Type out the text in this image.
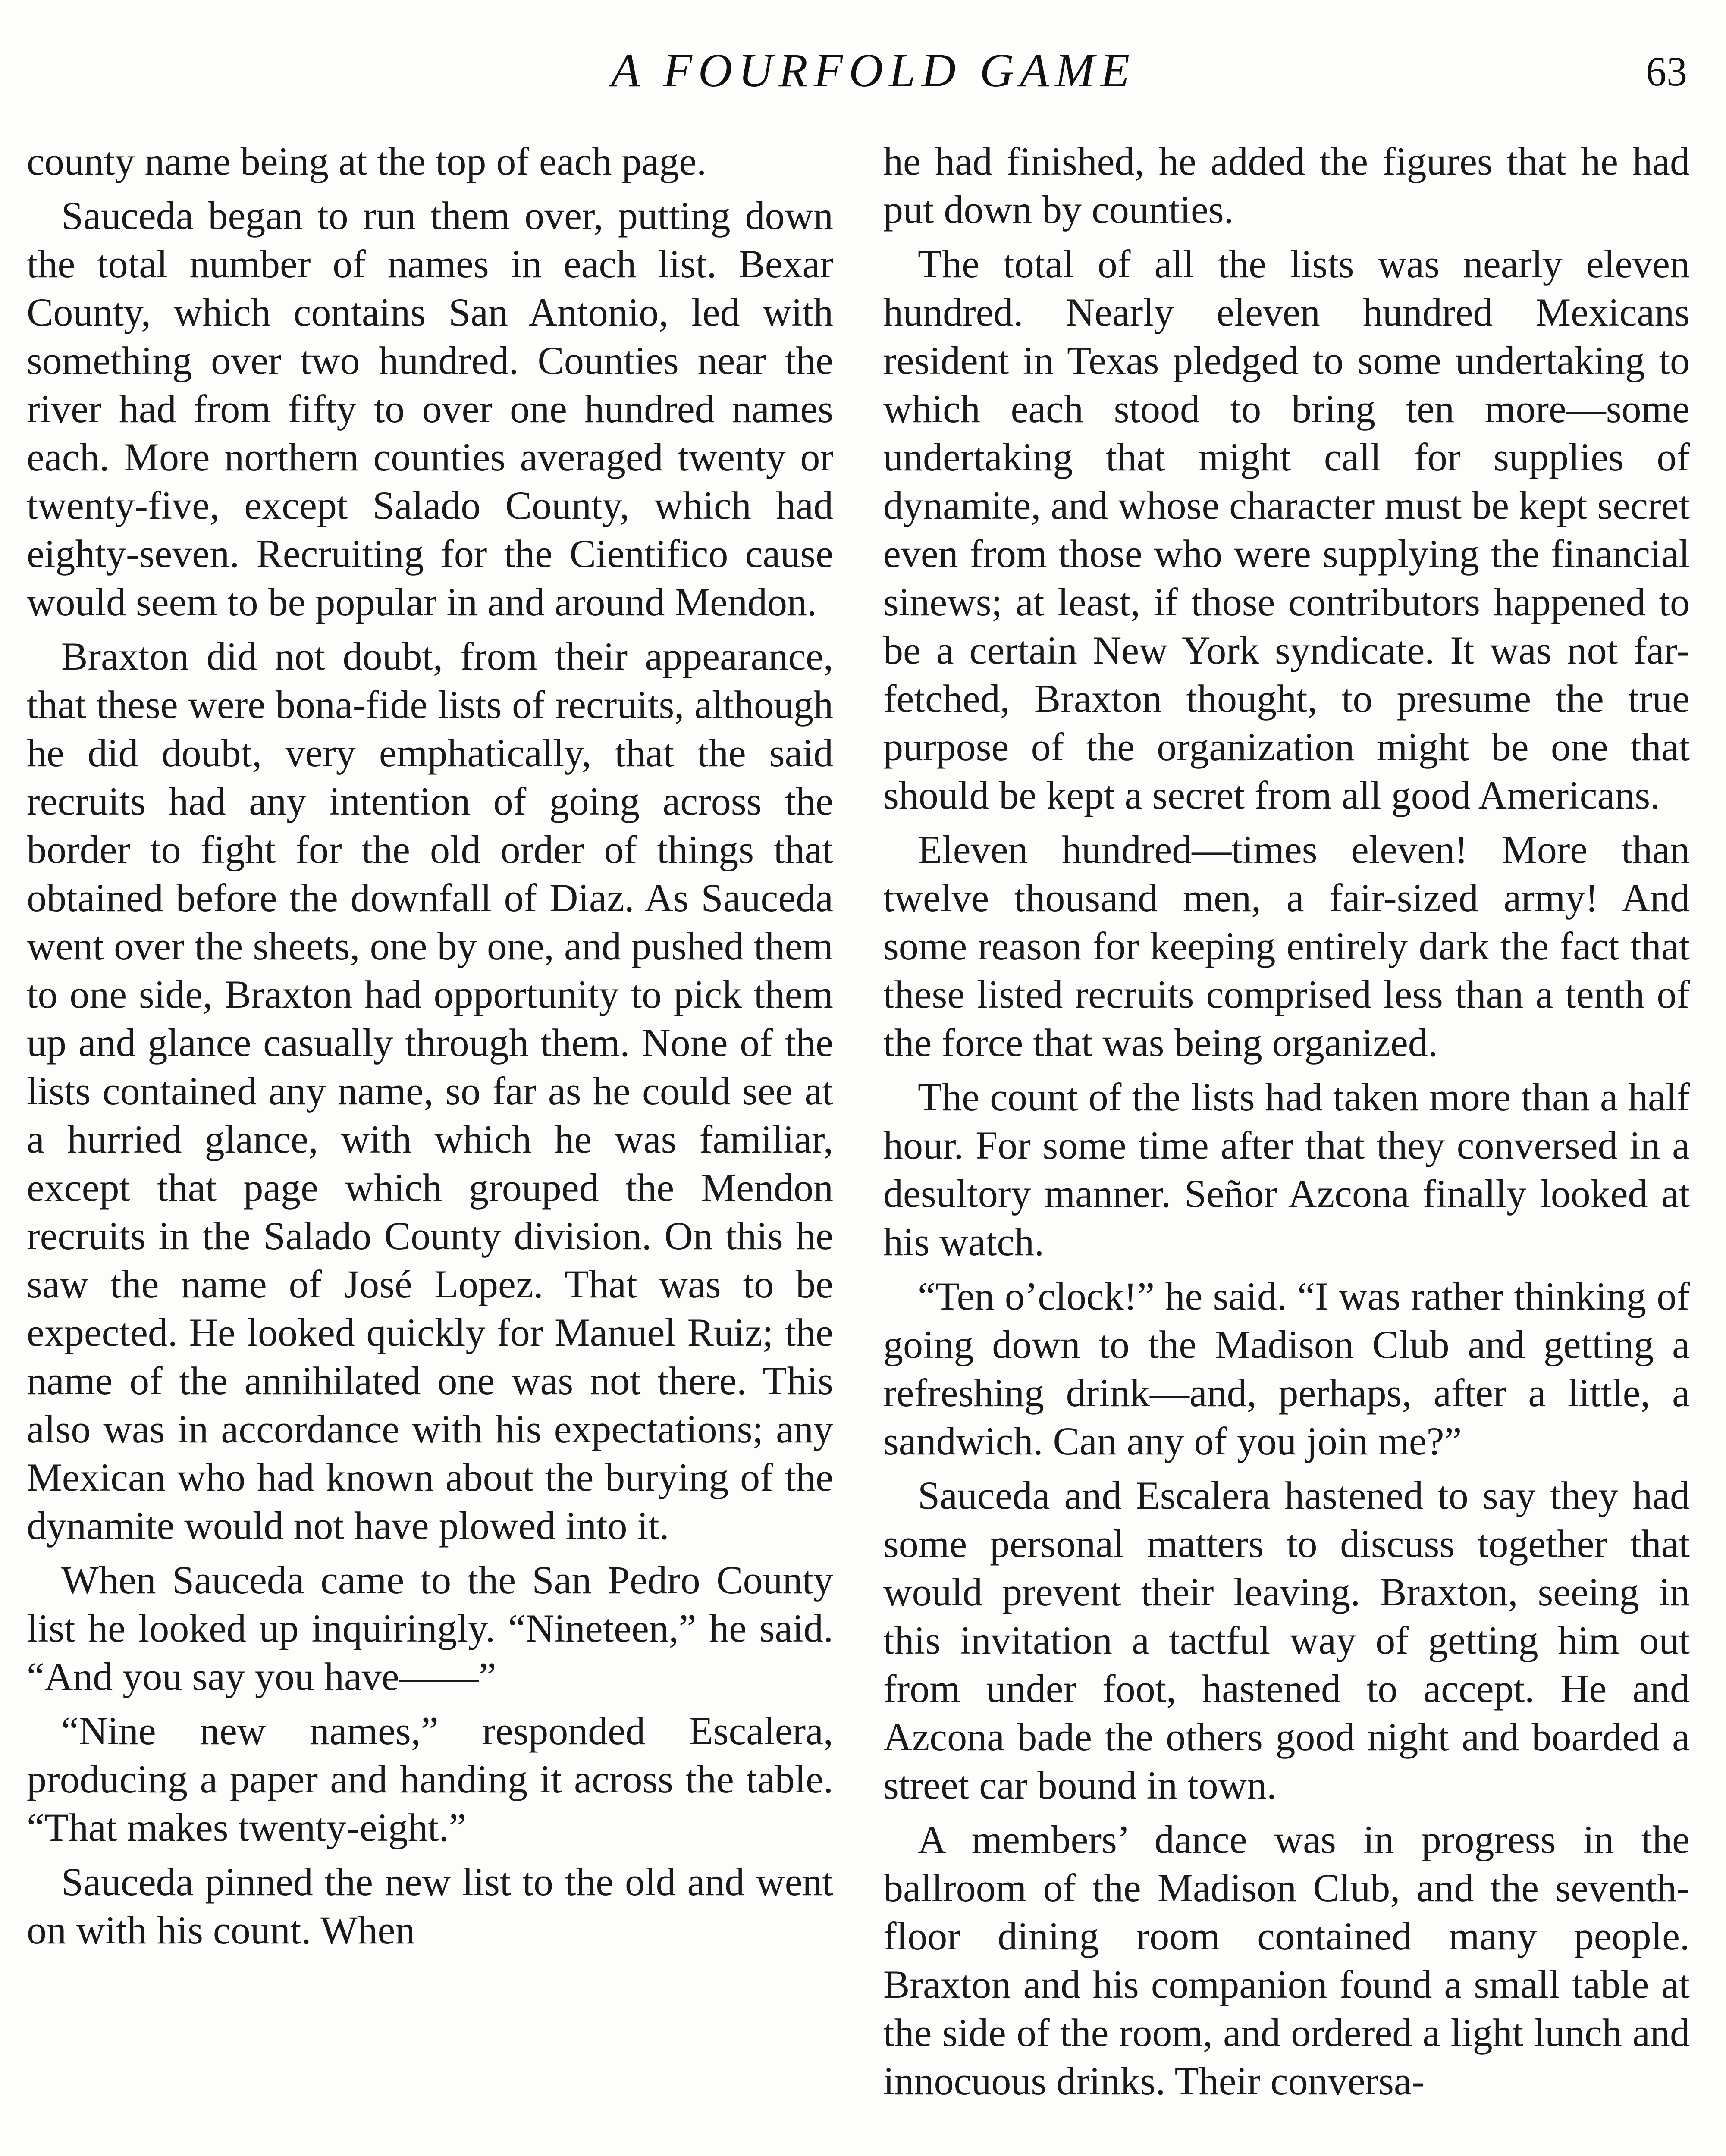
A FOURFOLD GAME	63

county name being at the top of each page.

Sauceda began to run them over, putting down the total number of names in each list. Bexar County, which contains San Antonio, led with something over two hundred. Counties near the river had from fifty to over one hundred names each. More northern counties averaged twenty or twenty-five, except Salado County, which had eighty-seven. Recruiting for the Cientifico cause would seem to be popular in and around Mendon.

Braxton did not doubt, from their appearance, that these were bona-fide lists of recruits, although he did doubt, very emphatically, that the said recruits had any intention of going across the border to fight for the old order of things that obtained before the downfall of Diaz. As Sauceda went over the sheets, one by one, and pushed them to one side, Braxton had opportunity to pick them up and glance casually through them. None of the lists contained any name, so far as he could see at a hurried glance, with which he was familiar, except that page which grouped the Mendon recruits in the Salado County division. On this he saw the name of José Lopez. That was to be expected. He looked quickly for Manuel Ruiz; the name of the annihilated one was not there. This also was in accordance with his expectations; any Mexican who had known about the burying of the dynamite would not have plowed into it.

When Sauceda came to the San Pedro County list he looked up inquiringly. “Nineteen,” he said. “And you say you have——”

“Nine new names,” responded Escalera, producing a paper and handing it across the table. “That makes twenty-eight.”

Sauceda pinned the new list to the old and went on with his count. When

he had finished, he added the figures that he had put down by counties.

The total of all the lists was nearly eleven hundred. Nearly eleven hundred Mexicans resident in Texas pledged to some undertaking to which each stood to bring ten more—some undertaking that might call for supplies of dynamite, and whose character must be kept secret even from those who were supplying the financial sinews; at least, if those contributors happened to be a certain New York syndicate. It was not far-fetched, Braxton thought, to presume the true purpose of the organization might be one that should be kept a secret from all good Americans.

Eleven hundred—times eleven! More than twelve thousand men, a fair-sized army! And some reason for keeping entirely dark the fact that these listed recruits comprised less than a tenth of the force that was being organized.

The count of the lists had taken more than a half hour. For some time after that they conversed in a desultory manner. Señor Azcona finally looked at his watch.

“Ten o’clock!” he said. “I was rather thinking of going down to the Madison Club and getting a refreshing drink—and, perhaps, after a little, a sandwich. Can any of you join me?”

Sauceda and Escalera hastened to say they had some personal matters to discuss together that would prevent their leaving. Braxton, seeing in this invitation a tactful way of getting him out from under foot, hastened to accept. He and Azcona bade the others good night and boarded a street car bound in town.

A members’ dance was in progress in the ballroom of the Madison Club, and the seventh-floor dining room contained many people. Braxton and his companion found a small table at the side of the room, and ordered a light lunch and innocuous drinks. Their conversa-
